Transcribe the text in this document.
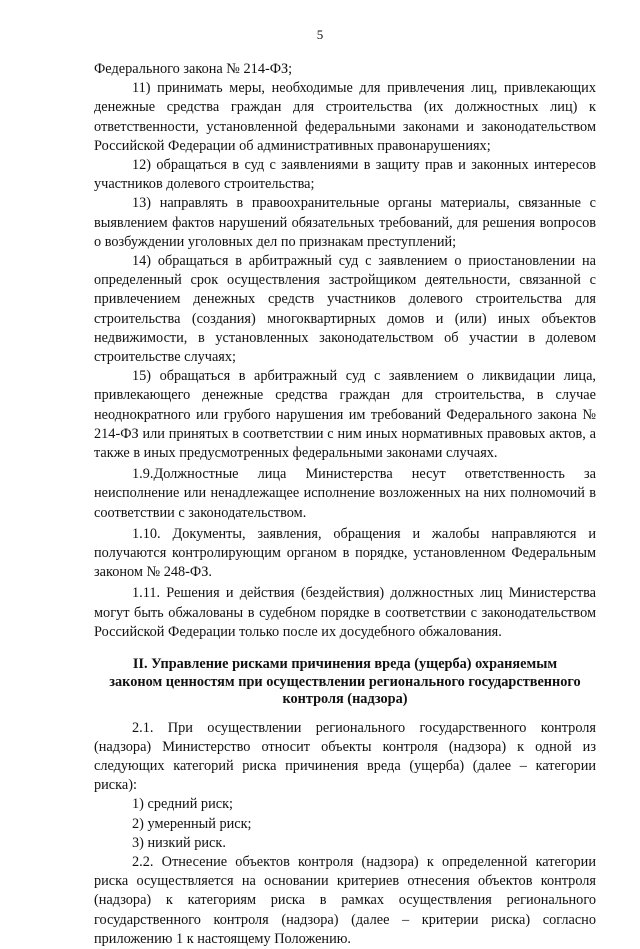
5

Федерального закона № 214-ФЗ;

11) принимать меры, необходимые для привлечения лиц, привлекающих денежные средства граждан для строительства (их должностных лиц) к ответственности, установленной федеральными законами и законодательством Российской Федерации об административных правонарушениях;

12) обращаться в суд с заявлениями в защиту прав и законных интересов участников долевого строительства;

13) направлять в правоохранительные органы материалы, связанные с выявлением фактов нарушений обязательных требований, для решения вопросов о возбуждении уголовных дел по признакам преступлений;

14) обращаться в арбитражный суд с заявлением о приостановлении на определенный срок осуществления застройщиком деятельности, связанной с привлечением денежных средств участников долевого строительства для строительства (создания) многоквартирных домов и (или) иных объектов недвижимости, в установленных законодательством об участии в долевом строительстве случаях;

15) обращаться в арбитражный суд с заявлением о ликвидации лица, привлекающего денежные средства граждан для строительства, в случае неоднократного или грубого нарушения им требований Федерального закона № 214-ФЗ или принятых в соответствии с ним иных нормативных правовых актов, а также в иных предусмотренных федеральными законами случаях.

1.9.Должностные лица Министерства несут ответственность за неисполнение или ненадлежащее исполнение возложенных на них полномочий в соответствии с законодательством.

1.10. Документы, заявления, обращения и жалобы направляются и получаются контролирующим органом в порядке, установленном Федеральным законом № 248-ФЗ.

1.11. Решения и действия (бездействия) должностных лиц Министерства могут быть обжалованы в судебном порядке в соответствии с законодательством Российской Федерации только после их досудебного обжалования.

II. Управление рисками причинения вреда (ущерба) охраняемым
законом ценностям при осуществлении регионального государственного
контроля (надзора)

2.1. При осуществлении регионального государственного контроля (надзора) Министерство относит объекты контроля (надзора) к одной из следующих категорий риска причинения вреда (ущерба) (далее – категории риска):

1) средний риск;

2) умеренный риск;

3) низкий риск.

2.2. Отнесение объектов контроля (надзора) к определенной категории риска осуществляется на основании критериев отнесения объектов контроля (надзора) к категориям риска в рамках осуществления регионального государственного контроля (надзора) (далее – критерии риска) согласно приложению 1 к настоящему Положению.
